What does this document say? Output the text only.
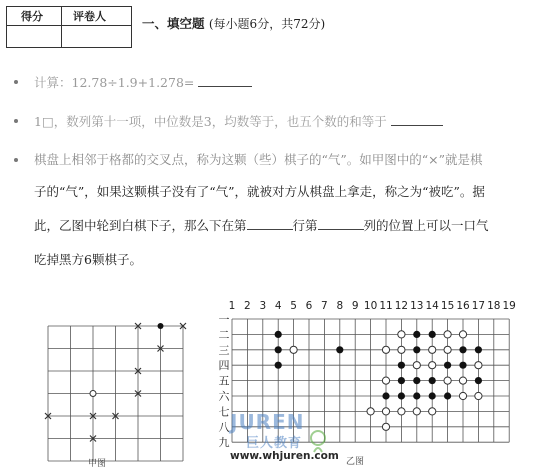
得分	评卷人	一、填空题 (每小题6分，共72分)
计算：12.78÷1.9+1.278=
1□，数列第十一项，中位数是3，均数等于，也五个数的和等于
棋盘上相邻于格都的交叉点，称为这颗（些）棋子的“气”。如甲图中的“×”就是棋
子的“气”，如果这颗棋子没有了“气”，就被对方从棋盘上拿走，称之为“被吃”。据
此，乙图中轮到白棋下子，那么下在第	行第	列的位置上可以一口气
吃掉黑方6颗棋子。
甲图
1 2 3 4 5 6 7 8 9 10 11 12 13 14 15 16 17 18 19
一
二
三
四
五
六
七
八
九
乙图
JUREN
巨人教育
www.whjuren.com
